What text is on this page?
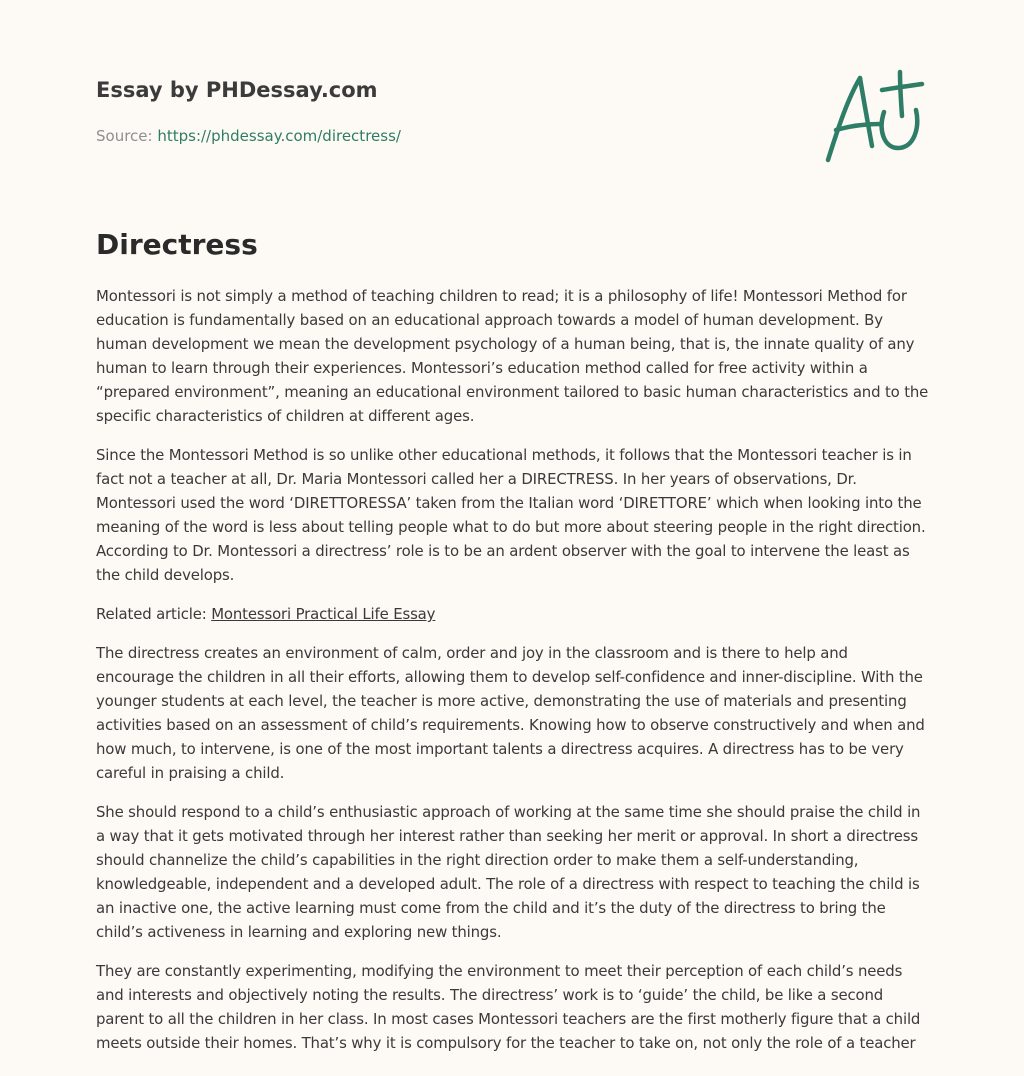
Essay by PHDessay.com
Source: https://phdessay.com/directress/
Directress

Montessori is not simply a method of teaching children to read; it is a philosophy of life! Montessori Method for education is fundamentally based on an educational approach towards a model of human development. By human development we mean the development psychology of a human being, that is, the innate quality of any human to learn through their experiences. Montessori’s education method called for free activity within a “prepared environment”, meaning an educational environment tailored to basic human characteristics and to the specific characteristics of children at different ages.

Since the Montessori Method is so unlike other educational methods, it follows that the Montessori teacher is in fact not a teacher at all, Dr. Maria Montessori called her a DIRECTRESS. In her years of observations, Dr. Montessori used the word ‘DIRETTORESSA’ taken from the Italian word ‘DIRETTORE’ which when looking into the meaning of the word is less about telling people what to do but more about steering people in the right direction. According to Dr. Montessori a directress’ role is to be an ardent observer with the goal to intervene the least as the child develops.

Related article: Montessori Practical Life Essay

The directress creates an environment of calm, order and joy in the classroom and is there to help and encourage the children in all their efforts, allowing them to develop self-confidence and inner-discipline. With the younger students at each level, the teacher is more active, demonstrating the use of materials and presenting activities based on an assessment of child’s requirements. Knowing how to observe constructively and when and how much, to intervene, is one of the most important talents a directress acquires. A directress has to be very careful in praising a child.

She should respond to a child’s enthusiastic approach of working at the same time she should praise the child in a way that it gets motivated through her interest rather than seeking her merit or approval. In short a directress should channelize the child’s capabilities in the right direction order to make them a self-understanding, knowledgeable, independent and a developed adult. The role of a directress with respect to teaching the child is an inactive one, the active learning must come from the child and it’s the duty of the directress to bring the child’s activeness in learning and exploring new things.

They are constantly experimenting, modifying the environment to meet their perception of each child’s needs and interests and objectively noting the results. The directress’ work is to ‘guide’ the child, be like a second parent to all the children in her class. In most cases Montessori teachers are the first motherly figure that a child meets outside their homes. That’s why it is compulsory for the teacher to take on, not only the role of a teacher
